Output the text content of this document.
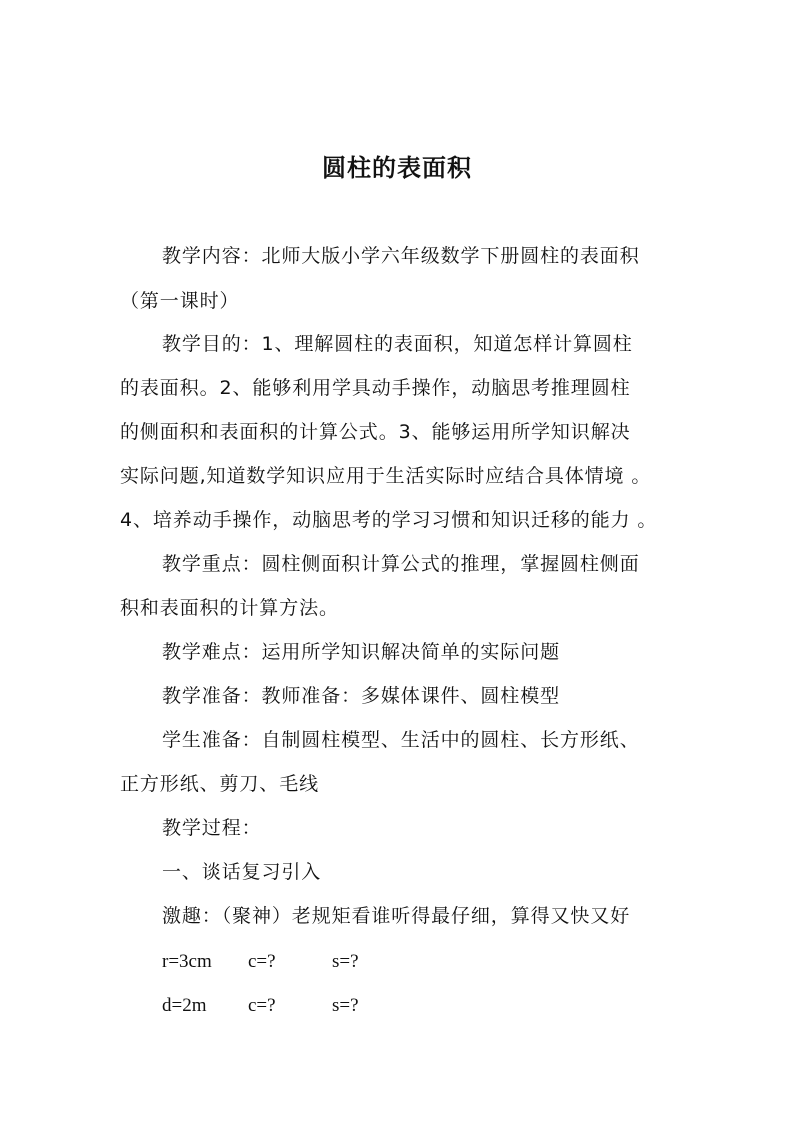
圆柱的表面积
教学内容：北师大版小学六年级数学下册圆柱的表面积
（第一课时）
教学目的：1、理解圆柱的表面积，知道怎样计算圆柱
的表面积。2、能够利用学具动手操作，动脑思考推理圆柱
的侧面积和表面积的计算公式。3、能够运用所学知识解决
实际问题,知道数学知识应用于生活实际时应结合具体情境 。
4、培养动手操作，动脑思考的学习习惯和知识迁移的能力 。
教学重点：圆柱侧面积计算公式的推理，掌握圆柱侧面
积和表面积的计算方法。
教学难点：运用所学知识解决简单的实际问题
教学准备：教师准备：多媒体课件、圆柱模型
学生准备：自制圆柱模型、生活中的圆柱、长方形纸、
正方形纸、剪刀、毛线
教学过程：
一、谈话复习引入
激趣：（聚神）老规矩看谁听得最仔细，算得又快又好
r=3cm c=?	s=?
d=2m c=?	s=?
